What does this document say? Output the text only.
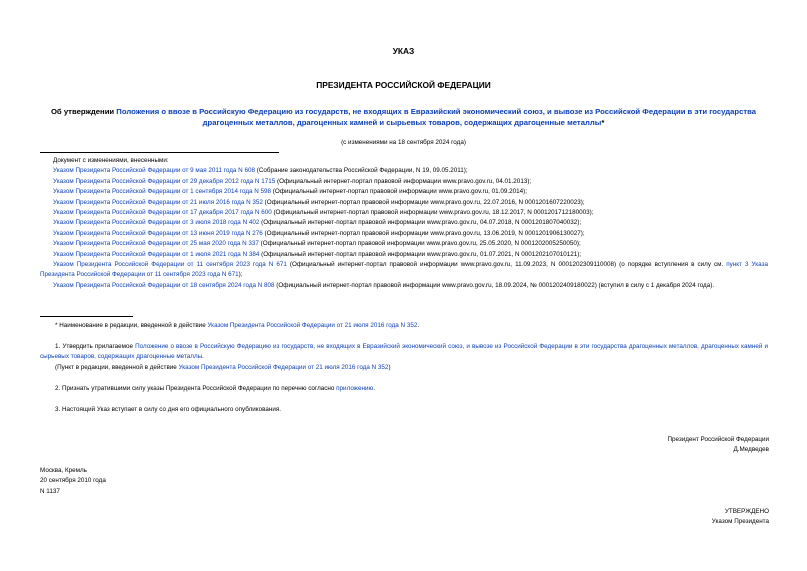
УКАЗ
ПРЕЗИДЕНТА РОССИЙСКОЙ ФЕДЕРАЦИИ
Об утверждении Положения о ввозе в Российскую Федерацию из государств, не входящих в Евразийский экономический союз, и вывозе из Российской Федерации в эти государства драгоценных металлов, драгоценных камней и сырьевых товаров, содержащих драгоценные металлы*
(с изменениями на 18 сентября 2024 года)
Документ с изменениями, внесенными:
Указом Президента Российской Федерации от 9 мая 2011 года N 608 (Собрание законодательства Российской Федерации, N 19, 09.05.2011);
Указом Президента Российской Федерации от 29 декабря 2012 года N 1715 (Официальный интернет-портал правовой информации www.pravo.gov.ru, 04.01.2013);
Указом Президента Российской Федерации от 1 сентября 2014 года N 598 (Официальный интернет-портал правовой информации www.pravo.gov.ru, 01.09.2014);
Указом Президента Российской Федерации от 21 июля 2016 года N 352 (Официальный интернет-портал правовой информации www.pravo.gov.ru, 22.07.2016, N 0001201607220023);
Указом Президента Российской Федерации от 17 декабря 2017 года N 600 (Официальный интернет-портал правовой информации www.pravo.gov.ru, 18.12.2017, N 0001201712180003);
Указом Президента Российской Федерации от 3 июля 2018 года N 402 (Официальный интернет-портал правовой информации www.pravo.gov.ru, 04.07.2018, N 0001201807040032);
Указом Президента Российской Федерации от 13 июня 2019 года N 276 (Официальный интернет-портал правовой информации www.pravo.gov.ru, 13.06.2019, N 0001201906130027);
Указом Президента Российской Федерации от 25 мая 2020 года N 337 (Официальный интернет-портал правовой информации www.pravo.gov.ru, 25.05.2020, N 0001202005250050);
Указом Президента Российской Федерации от 1 июля 2021 года N 384 (Официальный интернет-портал правовой информации www.pravo.gov.ru, 01.07.2021, N 0001202107010121);
Указом Президента Российской Федерации от 11 сентября 2023 года N 671 (Официальный интернет-портал правовой информации www.pravo.gov.ru, 11.09.2023, N 0001202309110008) (о порядке вступления в силу см. пункт 3 Указа Президента Российской Федерации от 11 сентября 2023 года N 671);
Указом Президента Российской Федерации от 18 сентября 2024 года N 808 (Официальный интернет-портал правовой информации www.pravo.gov.ru, 18.09.2024, № 0001202409180022) (вступил в силу с 1 декабря 2024 года).
* Наименование в редакции, введенной в действие Указом Президента Российской Федерации от 21 июля 2016 года N 352.
1. Утвердить прилагаемое Положение о ввозе в Российскую Федерацию из государств, не входящих в Евразийский экономический союз, и вывозе из Российской Федерации в эти государства драгоценных металлов, драгоценных камней и сырьевых товаров, содержащих драгоценные металлы.
(Пункт в редакции, введенной в действие Указом Президента Российской Федерации от 21 июля 2016 года N 352)
2. Признать утратившими силу указы Президента Российской Федерации по перечню согласно приложению.
3. Настоящий Указ вступает в силу со дня его официального опубликования.
Президент Российской Федерации
Д.Медведев
Москва, Кремль
20 сентября 2010 года
N 1137
УТВЕРЖДЕНО
Указом Президента
